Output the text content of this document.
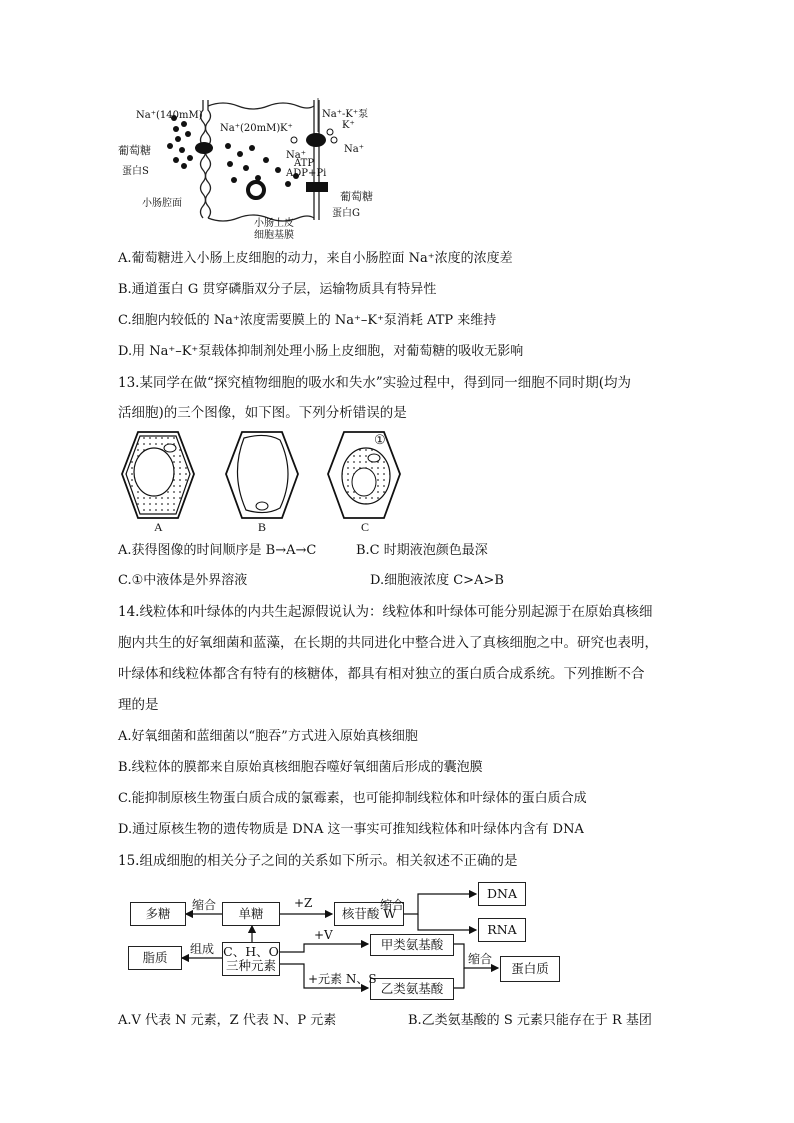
Na⁺(140mM)
Na⁺(20mM) K⁺
Na⁺-K⁺泵
K⁺
Na⁺
Na⁺
ATP
ADP+Pi
葡萄糖
蛋白S
葡萄糖
蛋白G
小肠腔面
小肠上皮
细胞基膜
A.葡萄糖进入小肠上皮细胞的动力，来自小肠腔面 Na⁺浓度的浓度差
B.通道蛋白 G 贯穿磷脂双分子层，运输物质具有特异性
C.细胞内较低的 Na⁺浓度需要膜上的 Na⁺–K⁺泵消耗 ATP 来维持
D.用 Na⁺–K⁺泵载体抑制剂处理小肠上皮细胞，对葡萄糖的吸收无影响
13.某同学在做“探究植物细胞的吸水和失水”实验过程中，得到同一细胞不同时期(均为
活细胞)的三个图像，如下图。下列分析错误的是
A	B	C
①
A.获得图像的时间顺序是 B→A→C	B.C 时期液泡颜色最深
C.①中液体是外界溶液	D.细胞液浓度 C>A>B
14.线粒体和叶绿体的内共生起源假说认为：线粒体和叶绿体可能分别起源于在原始真核细
胞内共生的好氧细菌和蓝藻，在长期的共同进化中整合进入了真核细胞之中。研究也表明，
叶绿体和线粒体都含有特有的核糖体，都具有相对独立的蛋白质合成系统。下列推断不合
理的是
A.好氧细菌和蓝细菌以“胞吞”方式进入原始真核细胞
B.线粒体的膜都来自原始真核细胞吞噬好氧细菌后形成的囊泡膜
C.能抑制原核生物蛋白质合成的氯霉素，也可能抑制线粒体和叶绿体的蛋白质合成
D.通过原核生物的遗传物质是 DNA 这一事实可推知线粒体和叶绿体内含有 DNA
15.组成细胞的相关分子之间的关系如下所示。相关叙述不正确的是
多糖	单糖	核苷酸 W
DNA
RNA
脂质	C、H、O
三种元素
甲类氨基酸
乙类氨基酸
蛋白质
缩合	+Z	缩合
组成
+V
+元素 N、S
缩合
A.V 代表 N 元素，Z 代表 N、P 元素	B.乙类氨基酸的 S 元素只能存在于 R 基团
